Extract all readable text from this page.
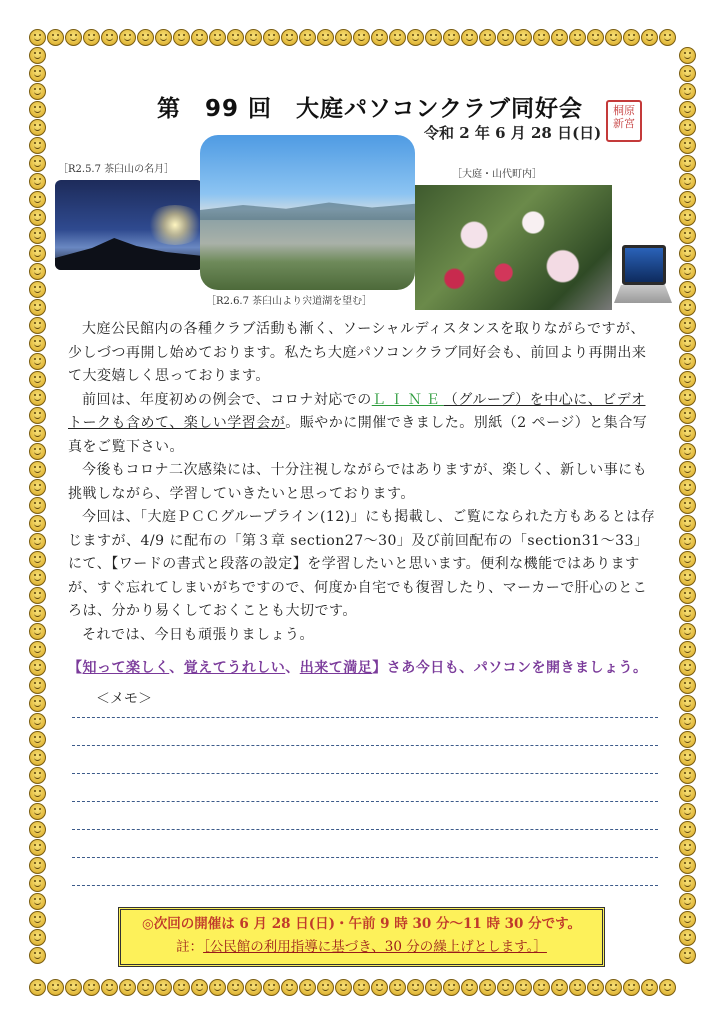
第　99 回　大庭パソコンクラブ同好会
令和 2 年 6 月 28 日(日)
桐原
新宮
［R2.5.7 茶臼山の名月］
［R2.6.7 茶臼山より宍道湖を望む］
［大庭・山代町内］

大庭公民館内の各種クラブ活動も漸く、ソーシャルディスタンスを取りながらですが、少しづつ再開し始めております。私たち大庭パソコンクラブ同好会も、前回より再開出来て大変嬉しく思っております。

前回は、年度初めの例会で、コロナ対応でのＬＩＮＥ（グループ）を中心に、ビデオトークも含めて、楽しい学習会が。賑やかに開催できました。別紙（2 ページ）と集合写真をご覧下さい。

今後もコロナ二次感染には、十分注視しながらではありますが、楽しく、新しい事にも挑戦しながら、学習していきたいと思っております。

今回は、「大庭ＰＣＣグループライン(12)」にも掲載し、ご覧になられた方もあるとは存じますが、4/9 に配布の「第３章 section27～30」及び前回配布の「section31～33」にて、【ワードの書式と段落の設定】を学習したいと思います。便利な機能ではありますが、すぐ忘れてしまいがちですので、何度か自宅でも復習したり、マーカーで肝心のところは、分かり易くしておくことも大切です。

それでは、今日も頑張りましょう。

【知って楽しく、覚えてうれしい、出来て満足】さあ今日も、パソコンを開きましょう。
＜メモ＞
◎次回の開催は 6 月 28 日(日)・午前 9 時 30 分～11 時 30 分です。
註：［公民館の利用指導に基づき、30 分の繰上げとします。］
